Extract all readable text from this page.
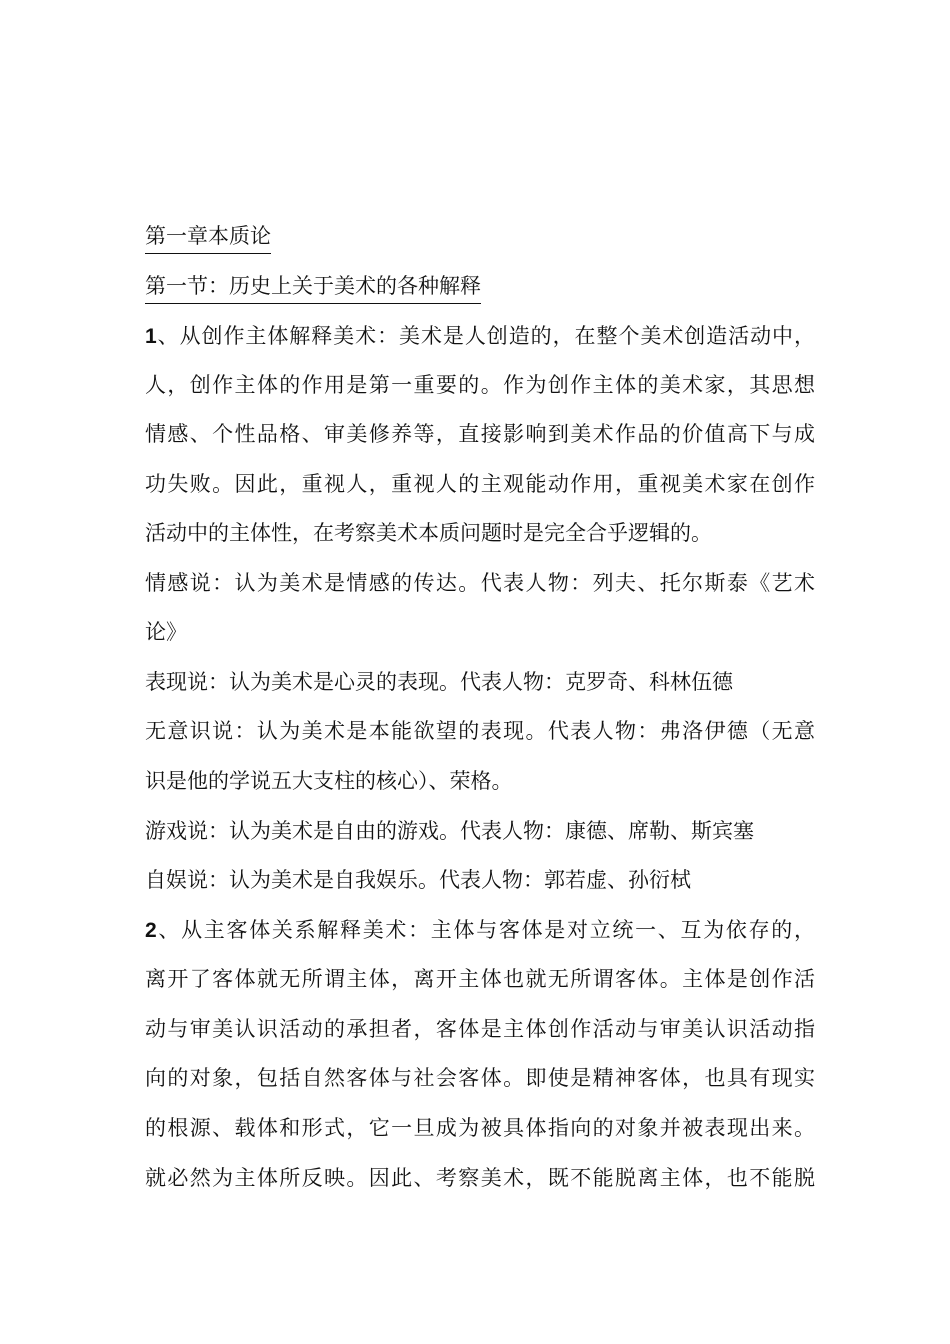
第一章本质论
第一节：历史上关于美术的各种解释
1、从创作主体解释美术：美术是人创造的，在整个美术创造活动中，
人，创作主体的作用是第一重要的。作为创作主体的美术家，其思想
情感、个性品格、审美修养等，直接影响到美术作品的价值高下与成
功失败。因此，重视人，重视人的主观能动作用，重视美术家在创作
活动中的主体性，在考察美术本质问题时是完全合乎逻辑的。
情感说：认为美术是情感的传达。代表人物：列夫、托尔斯泰《艺术
论》
表现说：认为美术是心灵的表现。代表人物：克罗奇、科林伍德
无意识说：认为美术是本能欲望的表现。代表人物：弗洛伊德（无意
识是他的学说五大支柱的核心）、荣格。
游戏说：认为美术是自由的游戏。代表人物：康德、席勒、斯宾塞
自娱说：认为美术是自我娱乐。代表人物：郭若虚、孙衍栻
2、从主客体关系解释美术：主体与客体是对立统一、互为依存的，
离开了客体就无所谓主体，离开主体也就无所谓客体。主体是创作活
动与审美认识活动的承担者，客体是主体创作活动与审美认识活动指
向的对象，包括自然客体与社会客体。即使是精神客体，也具有现实
的根源、载体和形式，它一旦成为被具体指向的对象并被表现出来。
就必然为主体所反映。因此、考察美术，既不能脱离主体，也不能脱
